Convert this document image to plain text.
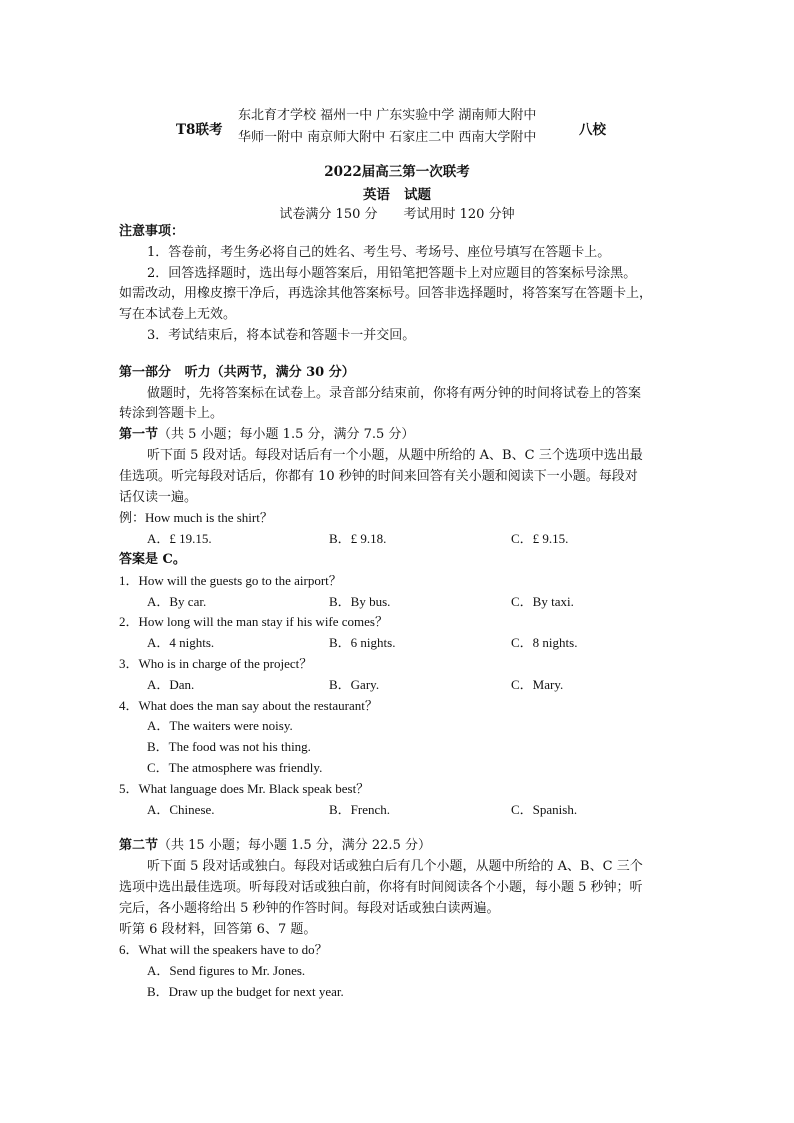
T8联考
东北育才学校 福州一中 广东实验中学 湖南师大附中
华师一附中 南京师大附中 石家庄二中 西南大学附中	八校
2022届高三第一次联考
英语   试题
试卷满分 150 分 考试用时 120 分钟
注意事项：
1．答卷前，考生务必将自己的姓名、考生号、考场号、座位号填写在答题卡上。
2．回答选择题时，选出每小题答案后，用铅笔把答题卡上对应题目的答案标号涂黑。
如需改动，用橡皮擦干净后，再选涂其他答案标号。回答非选择题时，将答案写在答题卡上，
写在本试卷上无效。
3．考试结束后，将本试卷和答题卡一并交回。
第一部分   听力（共两节，满分 30 分）
做题时，先将答案标在试卷上。录音部分结束前，你将有两分钟的时间将试卷上的答案
转涂到答题卡上。
第一节（共 5 小题；每小题 1.5 分，满分 7.5 分）
听下面 5 段对话。每段对话后有一个小题，从题中所给的 A、B、C 三个选项中选出最
佳选项。听完每段对话后，你都有 10 秒钟的时间来回答有关小题和阅读下一小题。每段对
话仅读一遍。
例：How much is the shirt？
A．£ 19.15.	B．£ 9.18.	C．£ 9.15.
答案是 C。
1．How will the guests go to the airport？
A．By car.	B．By bus.	C．By taxi.
2．How long will the man stay if his wife comes？
A．4 nights.	B．6 nights.	C．8 nights.
3．Who is in charge of the project？
A．Dan.	B．Gary.	C．Mary.
4．What does the man say about the restaurant？
A．The waiters were noisy.
B．The food was not his thing.
C．The atmosphere was friendly.
5．What language does Mr. Black speak best？
A．Chinese.	B．French.	C．Spanish.
第二节（共 15 小题；每小题 1.5 分，满分 22.5 分）
听下面 5 段对话或独白。每段对话或独白后有几个小题，从题中所给的 A、B、C 三个
选项中选出最佳选项。听每段对话或独白前，你将有时间阅读各个小题，每小题 5 秒钟；听
完后，各小题将给出 5 秒钟的作答时间。每段对话或独白读两遍。
听第 6 段材料，回答第 6、7 题。
6．What will the speakers have to do？
A．Send figures to Mr. Jones.
B．Draw up the budget for next year.
